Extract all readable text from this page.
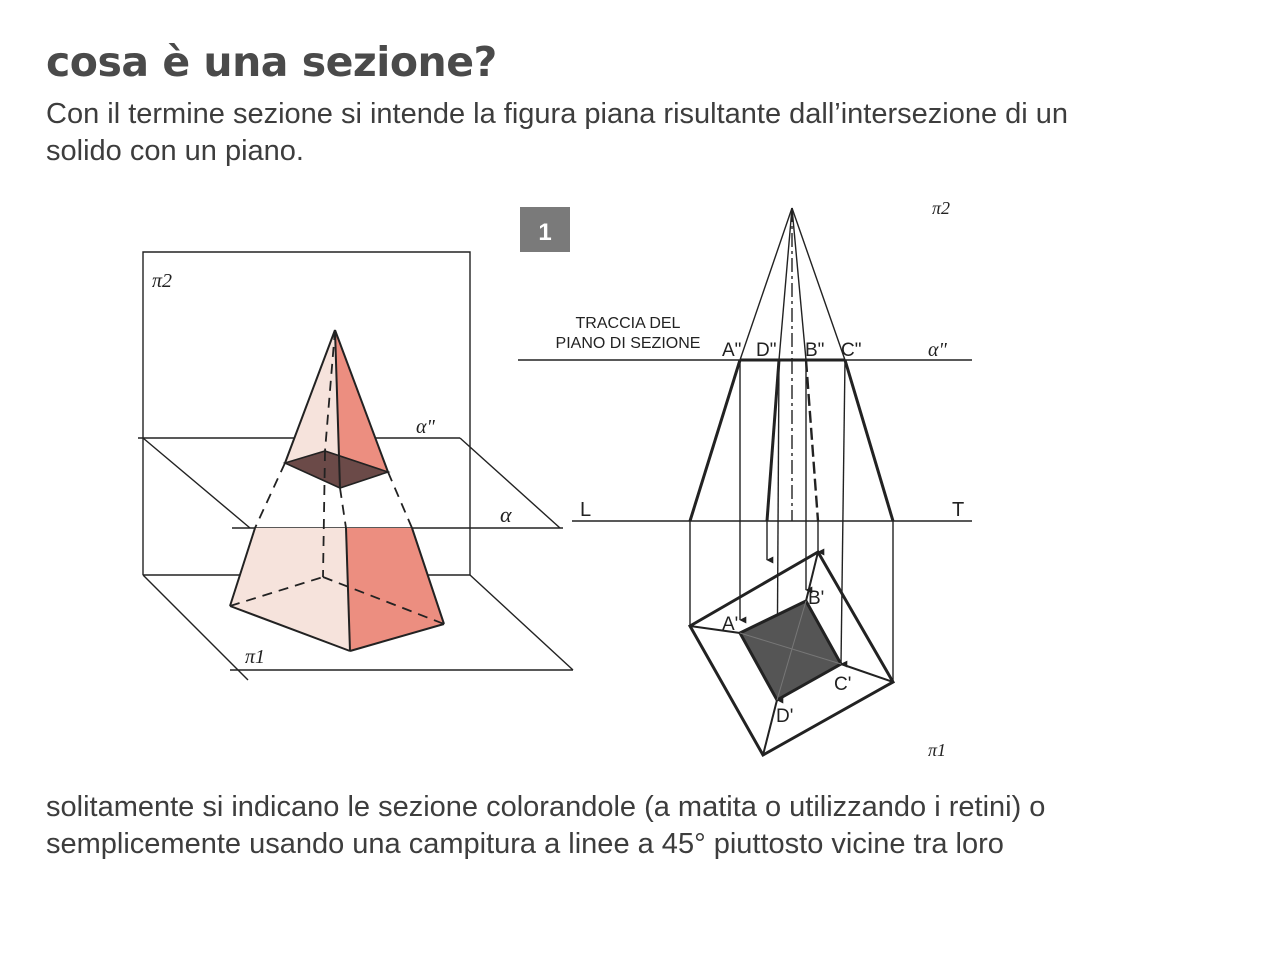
cosa è una sezione?

Con il termine sezione si intende la figura piana risultante dall’intersezione di un
solido con un piano.

π2
π1
α
α"
1
TRACCIA DEL
PIANO DI SEZIONE A" D" B" C"
A'
B'
C'
D'
π2
π1
α"
L	T

solitamente si indicano le sezione colorandole (a matita o utilizzando i retini) o
semplicemente usando una campitura a linee a 45° piuttosto vicine tra loro
